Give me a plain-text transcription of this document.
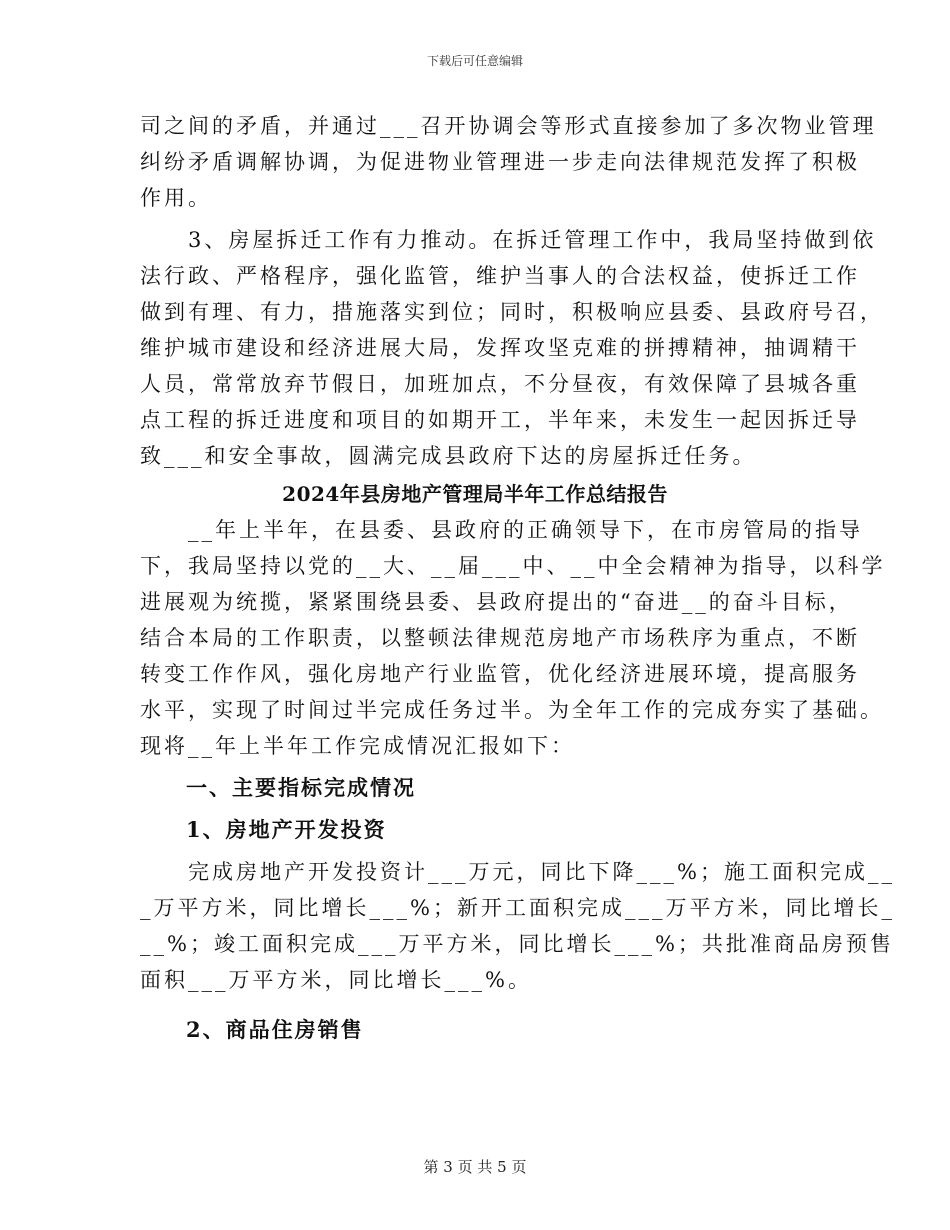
下载后可任意编辑

司之间的矛盾，并通过___召开协调会等形式直接参加了多次物业管理
纠纷矛盾调解协调，为促进物业管理进一步走向法律规范发挥了积极
作用。

　　3、房屋拆迁工作有力推动。在拆迁管理工作中，我局坚持做到依
法行政、严格程序，强化监管，维护当事人的合法权益，使拆迁工作
做到有理、有力，措施落实到位；同时，积极响应县委、县政府号召，
维护城市建设和经济进展大局，发挥攻坚克难的拼搏精神，抽调精干
人员，常常放弃节假日，加班加点，不分昼夜，有效保障了县城各重
点工程的拆迁进度和项目的如期开工，半年来，未发生一起因拆迁导
致___和安全事故，圆满完成县政府下达的房屋拆迁任务。

2024年县房地产管理局半年工作总结报告

　　__年上半年，在县委、县政府的正确领导下，在市房管局的指导
下，我局坚持以党的__大、__届___中、__中全会精神为指导，以科学
进展观为统揽，紧紧围绕县委、县政府提出的“奋进__的奋斗目标，
结合本局的工作职责，以整顿法律规范房地产市场秩序为重点，不断
转变工作作风，强化房地产行业监管，优化经济进展环境，提高服务
水平，实现了时间过半完成任务过半。为全年工作的完成夯实了基础。
现将__年上半年工作完成情况汇报如下：

一、主要指标完成情况

1、房地产开发投资

　　完成房地产开发投资计___万元，同比下降___%；施工面积完成__
_万平方米，同比增长___%；新开工面积完成___万平方米，同比增长_
__%；竣工面积完成___万平方米，同比增长___%；共批准商品房预售
面积___万平方米，同比增长___%。

2、商品住房销售

第 3 页 共 5 页
